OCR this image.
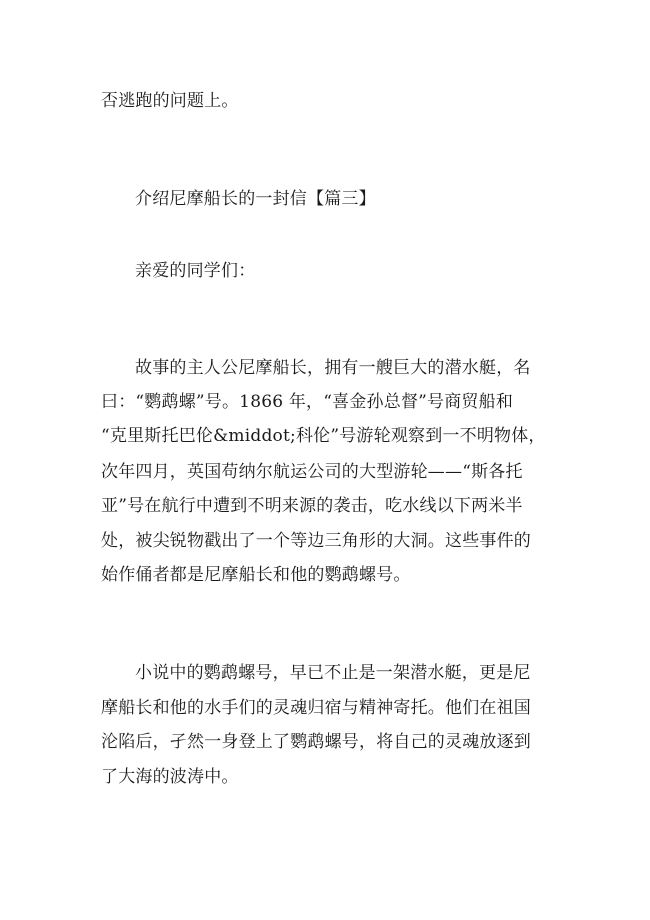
否逃跑的问题上。

介绍尼摩船长的一封信【篇三】

亲爱的同学们：

故事的主人公尼摩船长，拥有一艘巨大的潜水艇，名

曰：“鹦鹉螺”号。1866 年，“喜金孙总督”号商贸船和

“克里斯托巴伦&middot;科伦”号游轮观察到一不明物体，

次年四月，英国苟纳尔航运公司的大型游轮——“斯各托

亚”号在航行中遭到不明来源的袭击，吃水线以下两米半

处，被尖锐物戳出了一个等边三角形的大洞。这些事件的

始作俑者都是尼摩船长和他的鹦鹉螺号。

小说中的鹦鹉螺号，早已不止是一架潜水艇，更是尼

摩船长和他的水手们的灵魂归宿与精神寄托。他们在祖国

沦陷后，孑然一身登上了鹦鹉螺号，将自己的灵魂放逐到

了大海的波涛中。
